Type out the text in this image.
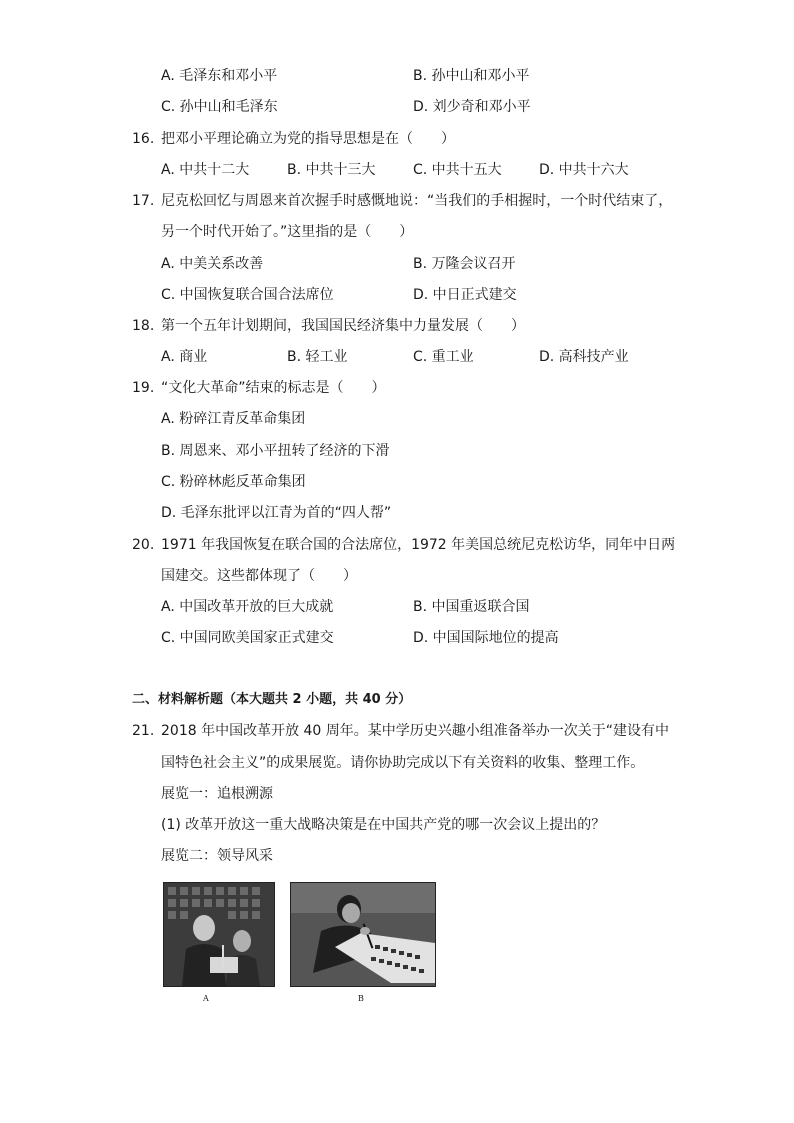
A. 毛泽东和邓小平	B. 孙中山和邓小平
C. 孙中山和毛泽东	D. 刘少奇和邓小平
16. 把邓小平理论确立为党的指导思想是在（　　）
A. 中共十二大	B. 中共十三大	C. 中共十五大	D. 中共十六大
17. 尼克松回忆与周恩来首次握手时感慨地说：“当我们的手相握时，一个时代结束了，
另一个时代开始了。”这里指的是（　　）
A. 中美关系改善	B. 万隆会议召开
C. 中国恢复联合国合法席位	D. 中日正式建交
18. 第一个五年计划期间，我国国民经济集中力量发展（　　）
A. 商业	B. 轻工业	C. 重工业	D. 高科技产业
19. “文化大革命”结束的标志是（　　）
A. 粉碎江青反革命集团
B. 周恩来、邓小平扭转了经济的下滑
C. 粉碎林彪反革命集团
D. 毛泽东批评以江青为首的“四人帮”
20. 1971 年我国恢复在联合国的合法席位，1972 年美国总统尼克松访华，同年中日两
国建交。这些都体现了（　　）
A. 中国改革开放的巨大成就	B. 中国重返联合国
C. 中国同欧美国家正式建交	D. 中国国际地位的提高
二、材料解析题（本大题共 2 小题，共 40 分）
21. 2018 年中国改革开放 40 周年。某中学历史兴趣小组准备举办一次关于“建设有中
国特色社会主义”的成果展览。请你协助完成以下有关资料的收集、整理工作。
展览一：追根溯源
(1) 改革开放这一重大战略决策是在中国共产党的哪一次会议上提出的？
展览二：领导风采
A	B
